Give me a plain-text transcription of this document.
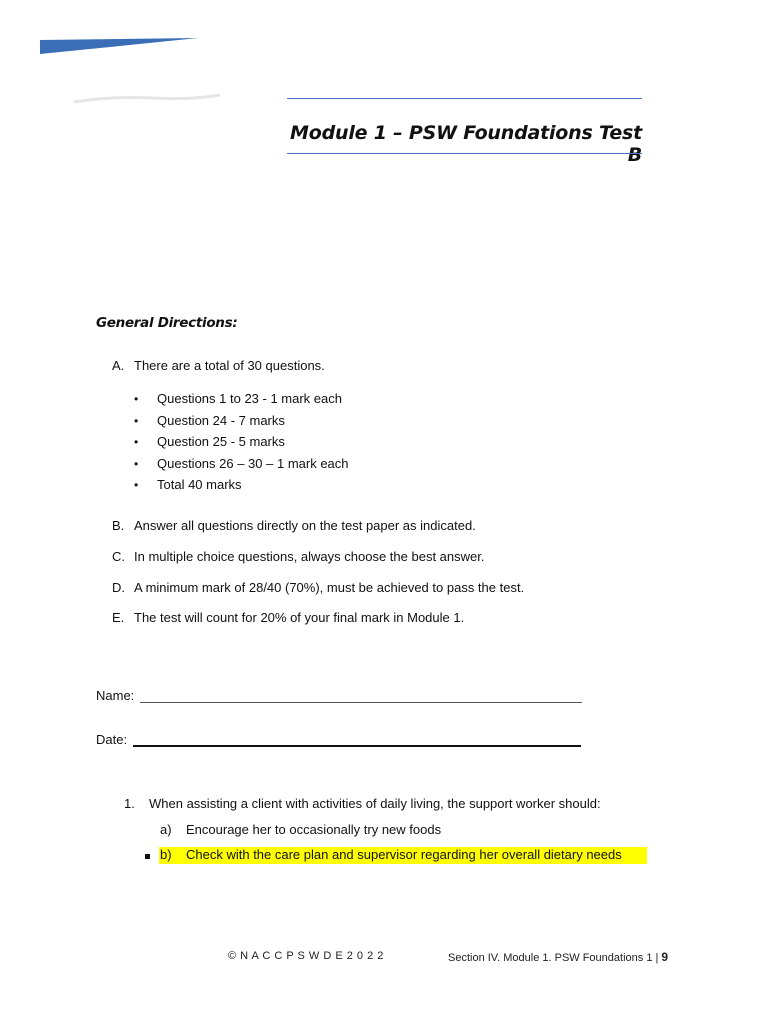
Module 1 – PSW Foundations Test B
General Directions:
A. There are a total of 30 questions.
• Questions 1 to 23 - 1 mark each
• Question 24 - 7 marks
• Question 25 - 5 marks
• Questions 26 – 30 – 1 mark each
• Total 40 marks
B. Answer all questions directly on the test paper as indicated.
C. In multiple choice questions, always choose the best answer.
D. A minimum mark of 28/40 (70%), must be achieved to pass the test.
E. The test will count for 20% of your final mark in Module 1.
Name:
Date:
1. When assisting a client with activities of daily living, the support worker should:
a) Encourage her to occasionally try new foods
b) Check with the care plan and supervisor regarding her overall dietary needs
© N A C C P S W D E 2 0 2 2	Section IV. Module 1. PSW Foundations 1 | 9
